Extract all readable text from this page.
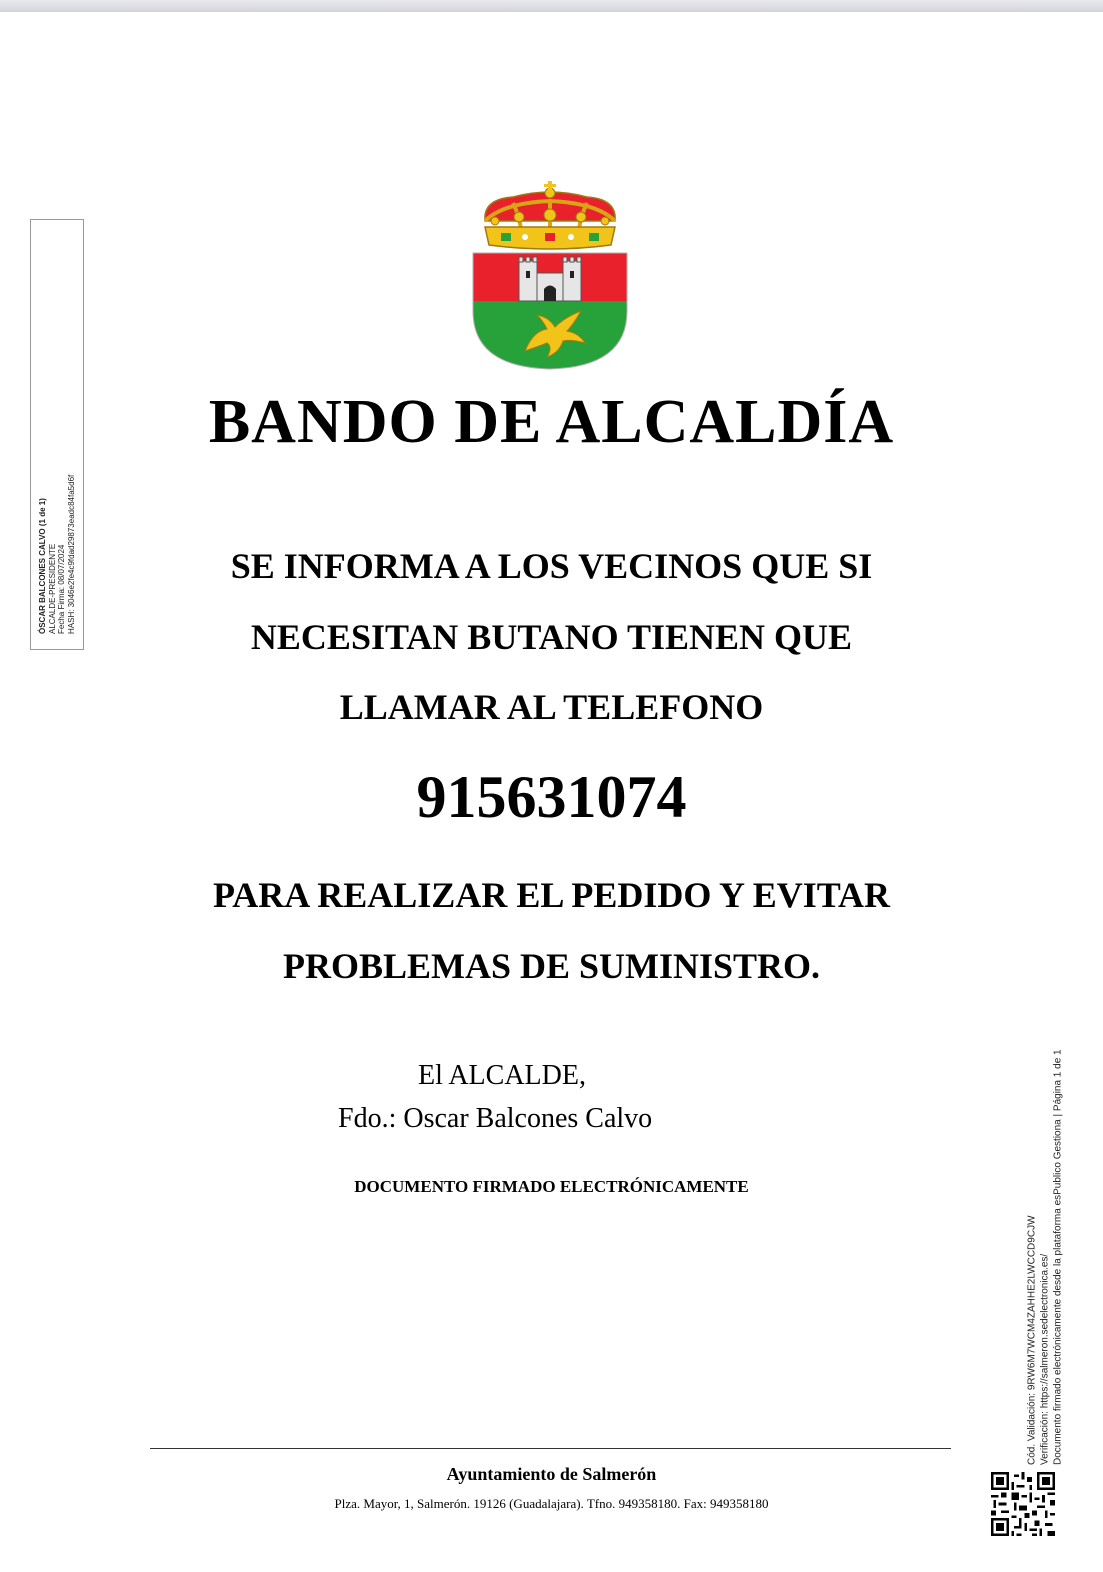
ÓSCAR BALCONES CALVO (1 de 1) ALCALDE-PRESIDENTE Fecha Firma: 08/07/2024 HASH: 3046e2fe4c9fdad29873eadc84fa5d6f
BANDO DE ALCALDÍA

SE INFORMA A LOS VECINOS QUE SI

NECESITAN BUTANO TIENEN QUE

LLAMAR AL TELEFONO

915631074

PARA REALIZAR EL PEDIDO Y EVITAR

PROBLEMAS DE SUMINISTRO.

El ALCALDE,

Fdo.: Oscar Balcones Calvo

DOCUMENTO FIRMADO ELECTRÓNICAMENTE

Ayuntamiento de Salmerón

Plza. Mayor, 1, Salmerón. 19126 (Guadalajara). Tfno. 949358180. Fax: 949358180

Cód. Validación: 9RW6M7WCM4ZAHHE2LWCCD9CJW Verificación: https://salmeron.sedelectronica.es/ Documento firmado electrónicamente desde la plataforma esPublico Gestiona | Página 1 de 1
